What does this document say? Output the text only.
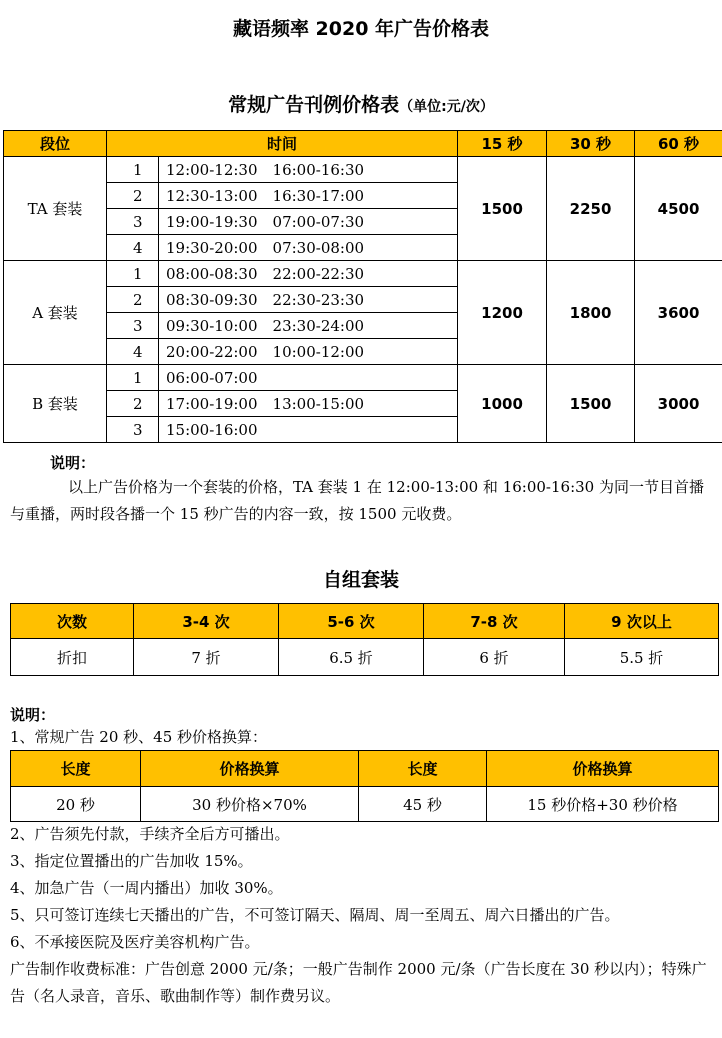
藏语频率 2020 年广告价格表
常规广告刊例价格表（单位:元/次）
段位	时间		15 秒	30 秒	60 秒
TA 套装	1	12:00-12:30　16:00-16:30	1500	2250	4500
	2	12:30-13:00　16:30-17:00			
	3	19:00-19:30　07:00-07:30			
	4	19:30-20:00　07:30-08:00			
A 套装	1	08:00-08:30　22:00-22:30	1200	1800	3600
	2	08:30-09:30　22:30-23:30			
	3	09:30-10:00　23:30-24:00			
	4	20:00-22:00　10:00-12:00			
B 套装	1	06:00-07:00	1000	1500	3000
	2	17:00-19:00　13:00-15:00			
	3	15:00-16:00			
说明：
以上广告价格为一个套装的价格，TA 套装 1 在 12:00-13:00 和 16:00-16:30 为同一节目首播与重播，两时段各播一个 15 秒广告的内容一致，按 1500 元收费。
自组套装
次数	3-4 次	5-6 次	7-8 次	9 次以上
折扣	7 折	6.5 折	6 折	5.5 折
说明：
1、常规广告 20 秒、45 秒价格换算：
长度	价格换算	长度	价格换算
20 秒	30 秒价格×70%	45 秒	15 秒价格+30 秒价格
2、广告须先付款，手续齐全后方可播出。
3、指定位置播出的广告加收 15%。
4、加急广告（一周内播出）加收 30%。
5、只可签订连续七天播出的广告，不可签订隔天、隔周、周一至周五、周六日播出的广告。
6、不承接医院及医疗美容机构广告。
广告制作收费标准：广告创意 2000 元/条；一般广告制作 2000 元/条（广告长度在 30 秒以内）；特殊广告（名人录音，音乐、歌曲制作等）制作费另议。
